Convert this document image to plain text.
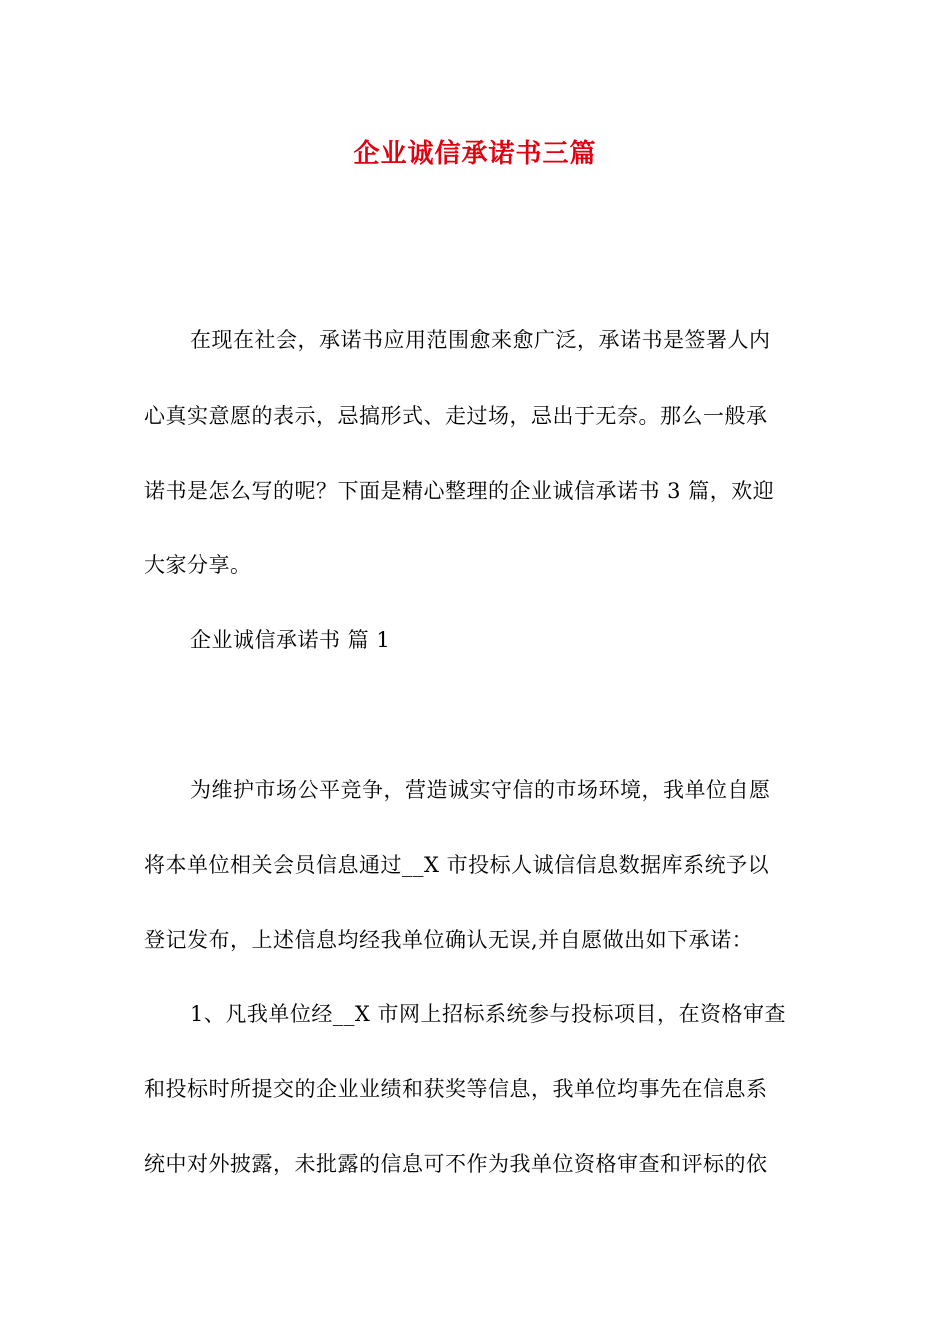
企业诚信承诺书三篇
在现在社会，承诺书应用范围愈来愈广泛，承诺书是签署人内
心真实意愿的表示，忌搞形式、走过场，忌出于无奈。那么一般承
诺书是怎么写的呢？下面是精心整理的企业诚信承诺书 3 篇，欢迎
大家分享。
企业诚信承诺书 篇 1
为维护市场公平竞争，营造诚实守信的市场环境，我单位自愿
将本单位相关会员信息通过__X 市投标人诚信信息数据库系统予以
登记发布，上述信息均经我单位确认无误,并自愿做出如下承诺：
1、凡我单位经__X 市网上招标系统参与投标项目，在资格审查
和投标时所提交的企业业绩和获奖等信息，我单位均事先在信息系
统中对外披露，未批露的信息可不作为我单位资格审查和评标的依
